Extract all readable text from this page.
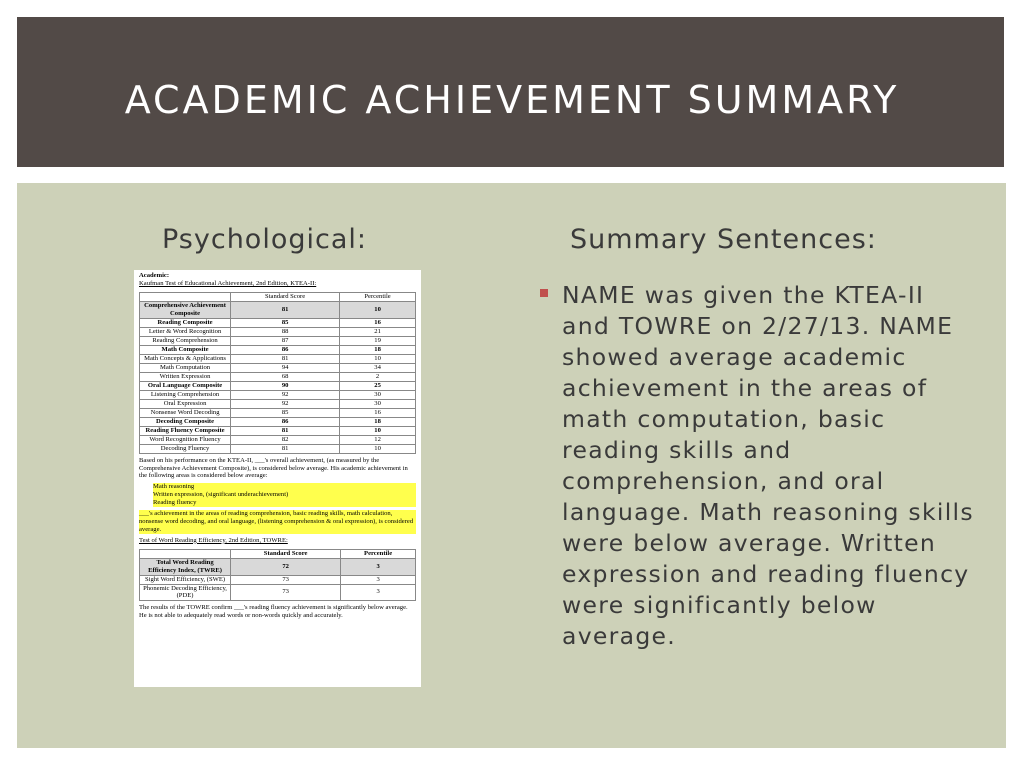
ACADEMIC ACHIEVEMENT SUMMARY
Psychological:	Summary Sentences:
Academic:
Kaufman Test of Educational Achievement, 2nd Edition, KTEA-II:
	Standard Score	Percentile
Comprehensive Achievement Composite	81	10
Reading Composite	85	16
Letter & Word Recognition	88	21
Reading Comprehension	87	19
Math Composite	86	18
Math Concepts & Applications	81	10
Math Computation	94	34
Written Expression	68	2
Oral Language Composite	90	25
Listening Comprehension	92	30
Oral Expression	92	30
Nonsense Word Decoding	85	16
Decoding Composite	86	18
Reading Fluency Composite	81	10
Word Recognition Fluency	82	12
Decoding Fluency	81	10

Based on his performance on the KTEA-II, ___'s overall achievement, (as measured by the Comprehensive Achievement Composite), is considered below average. His academic achievement in the following areas is considered below average:

Math reasoning
Written expression, (significant underachievement)
Reading fluency

___'s achievement in the areas of reading comprehension, basic reading skills, math calculation, nonsense word decoding, and oral language, (listening comprehension & oral expression), is considered average.

Test of Word Reading Efficiency, 2nd Edition, TOWRE:
	Standard Score	Percentile
Total Word Reading Efficiency Index, (TWRE)	72	3
Sight Word Efficiency, (SWE)	73	3
Phonemic Decoding Efficiency, (PDE)	73	3

The results of the TOWRE confirm ___'s reading fluency achievement is significantly below average. He is not able to adequately read words or non-words quickly and accurately.

NAME was given the KTEA-II and TOWRE on 2/27/13. NAME showed average academic achievement in the areas of math computation, basic reading skills and comprehension, and oral language. Math reasoning skills were below average. Written expression and reading fluency were significantly below average.
